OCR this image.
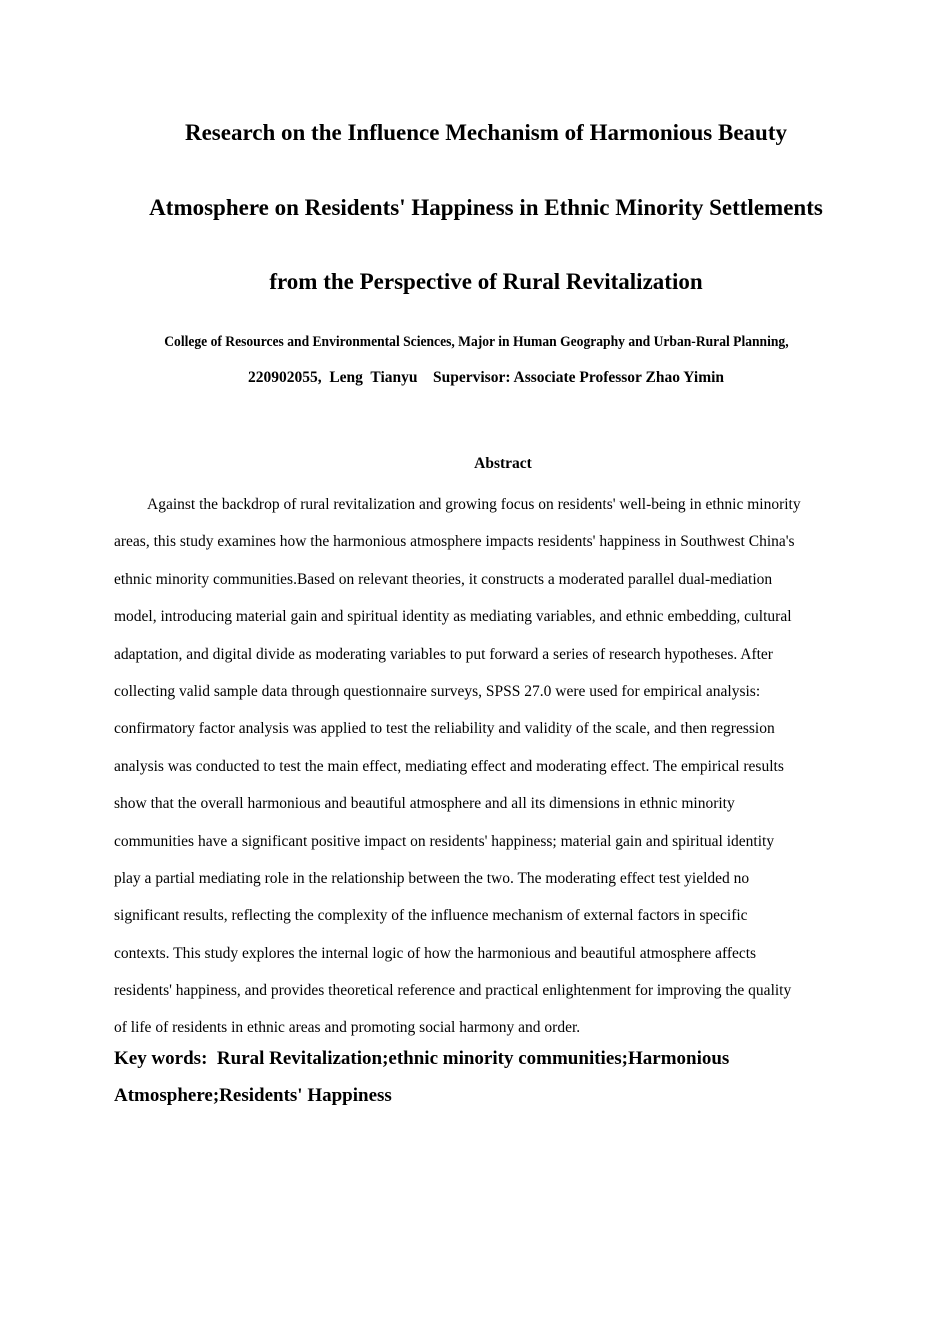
Research on the Influence Mechanism of Harmonious Beauty

Atmosphere on Residents' Happiness in Ethnic Minority Settlements

from the Perspective of Rural Revitalization

College of Resources and Environmental Sciences, Major in Human Geography and Urban-Rural Planning,
220902055,  Leng  Tianyu    Supervisor: Associate Professor Zhao Yimin
Abstract

Against the backdrop of rural revitalization and growing focus on residents' well-being in ethnic minority

areas, this study examines how the harmonious atmosphere impacts residents' happiness in Southwest China's

ethnic minority communities.Based on relevant theories, it constructs a moderated parallel dual-mediation

model, introducing material gain and spiritual identity as mediating variables, and ethnic embedding, cultural

adaptation, and digital divide as moderating variables to put forward a series of research hypotheses. After

collecting valid sample data through questionnaire surveys, SPSS 27.0 were used for empirical analysis:

confirmatory factor analysis was applied to test the reliability and validity of the scale, and then regression

analysis was conducted to test the main effect, mediating effect and moderating effect. The empirical results

show that the overall harmonious and beautiful atmosphere and all its dimensions in ethnic minority

communities have a significant positive impact on residents' happiness; material gain and spiritual identity

play a partial mediating role in the relationship between the two. The moderating effect test yielded no

significant results, reflecting the complexity of the influence mechanism of external factors in specific

contexts. This study explores the internal logic of how the harmonious and beautiful atmosphere affects

residents' happiness, and provides theoretical reference and practical enlightenment for improving the quality

of life of residents in ethnic areas and promoting social harmony and order.

Key words:  Rural Revitalization;ethnic minority communities;Harmonious

Atmosphere;Residents' Happiness
